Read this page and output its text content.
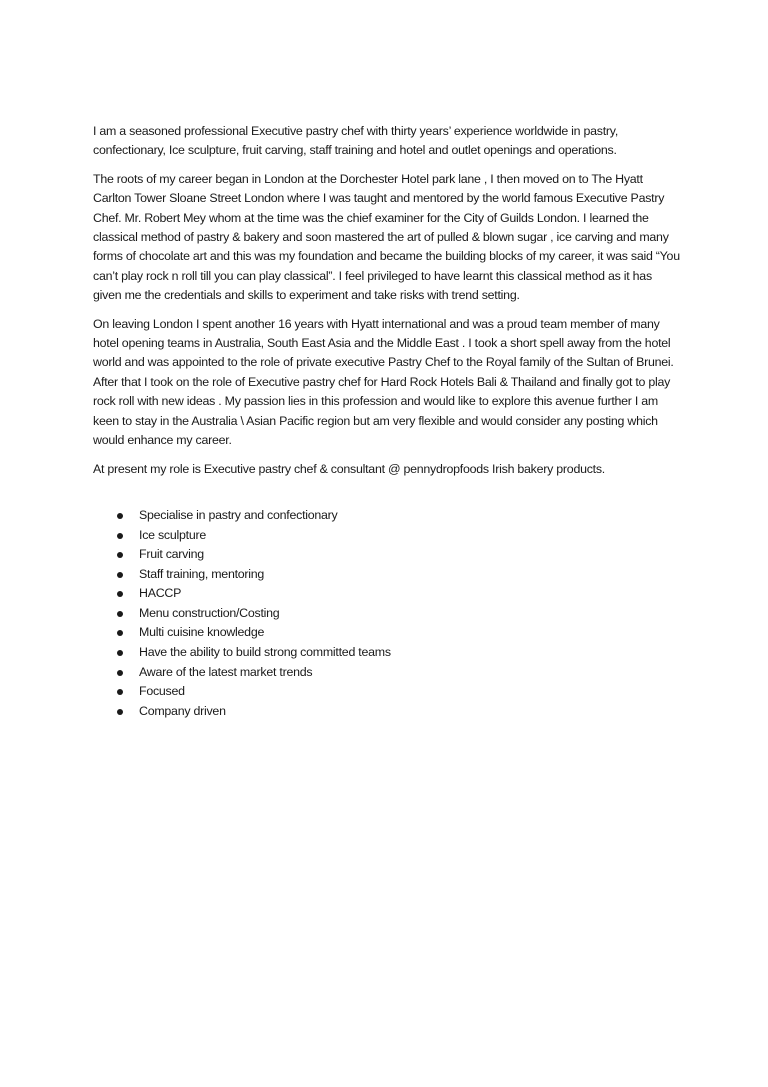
I am a seasoned professional Executive pastry chef with thirty years’ experience worldwide in pastry, confectionary, Ice sculpture, fruit carving, staff training and hotel and outlet openings and operations.

The roots of my career began in London at the Dorchester Hotel park lane , I then moved on to The Hyatt Carlton Tower Sloane Street London where I was taught and mentored by the world famous Executive Pastry Chef. Mr. Robert Mey whom at the time was the chief examiner for the City of Guilds London. I learned the classical method of pastry & bakery and soon mastered the art of pulled & blown sugar , ice carving and many forms of chocolate art and this was my foundation and became the building blocks of my career, it was said “You can’t play rock n roll till you can play classical”. I feel privileged to have learnt this classical method as it has given me the credentials and skills to experiment and take risks with trend setting.

On leaving London I spent another 16 years with Hyatt international and was a proud team member of many hotel opening teams in Australia, South East Asia and the Middle East . I took a short spell away from the hotel world and was appointed to the role of private executive Pastry Chef to the Royal family of the Sultan of Brunei. After that I took on the role of Executive pastry chef for Hard Rock Hotels Bali & Thailand and finally got to play rock roll with new ideas . My passion lies in this profession and would like to explore this avenue further I am keen to stay in the Australia \ Asian Pacific region but am very flexible and would consider any posting which would enhance my career.

At present my role is Executive pastry chef & consultant @ pennydropfoods Irish bakery products.

Specialise in pastry and confectionary
Ice sculpture
Fruit carving
Staff training, mentoring
HACCP
Menu construction/Costing
Multi cuisine knowledge
Have the ability to build strong committed teams
Aware of the latest market trends
Focused
Company driven
